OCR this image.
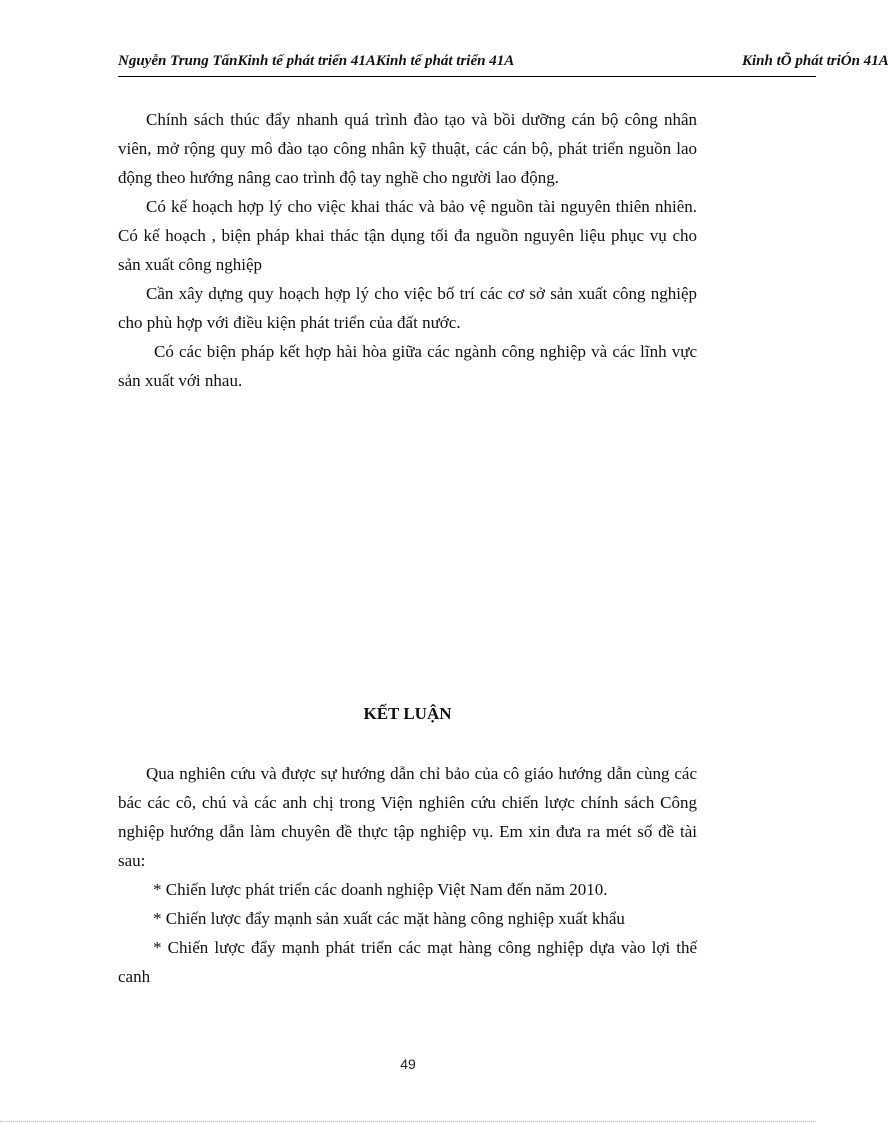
Nguyễn Trung TấnKinh tế phát triển 41AKinh tế phát triển 41A	Kinh tÕ phát triÓn 41A

Chính sách thúc đẩy nhanh quá trình đào tạo và bồi dưỡng cán bộ công nhân viên, mở rộng quy mô đào tạo công nhân kỹ thuật, các cán bộ, phát triển nguồn lao động theo hướng nâng cao trình độ tay nghề cho người lao động.

Có kế hoạch hợp lý cho việc khai thác và bảo vệ nguồn tài nguyên thiên nhiên. Có kế hoạch , biện pháp khai thác tận dụng tối đa nguồn nguyên liệu phục vụ cho sản xuất công nghiệp

Cần xây dựng quy hoạch hợp lý cho việc bố trí các cơ sở sản xuất công nghiệp cho phù hợp với điều kiện phát triển của đất nước.

Có các biện pháp kết hợp hài hòa giữa các ngành công nghiệp và các lĩnh vực sản xuất với nhau.

KẾT LUẬN

Qua nghiên cứu và được sự hướng dẫn chỉ bảo của cô giáo hướng dẫn cùng các bác các cô, chú và các anh chị trong Viện nghiên cứu chiến lược chính sách Công nghiệp hướng dẫn làm chuyên đề thực tập nghiệp vụ. Em xin đưa ra mét số đề tài sau:

* Chiến lược phát triển các doanh nghiệp Việt Nam đến năm 2010.

* Chiến lược đẩy mạnh sản xuất các mặt hàng công nghiệp xuất khẩu

* Chiến lược đẩy mạnh phát triển các mạt hàng công nghiệp dựa vào lợi thế canh

49
